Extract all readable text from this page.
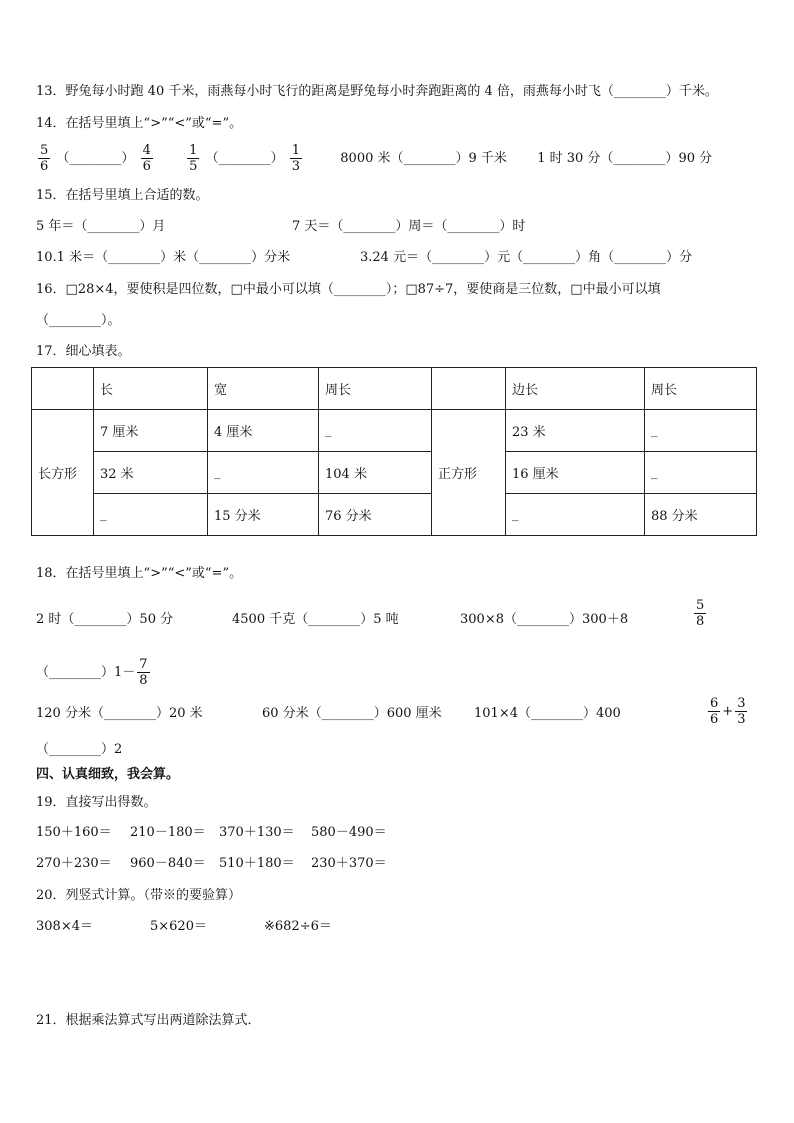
13．野兔每小时跑 40 千米，雨燕每小时飞行的距离是野兔每小时奔跑距离的 4 倍，雨燕每小时飞（________）千米。
14．在括号里填上“>”“<”或“=”。
$\frac{5}{6}$ （________） $\frac{4}{6}$
	$\frac{1}{5}$ （________） $\frac{1}{3}$	8000 米（________）9 千米 1 时 30 分（________）90 分
15．在括号里填上合适的数。
5 年＝（________）月	7 天＝（________）周＝（________）时
10.1 米＝（________）米（________）分米	3.24 元＝（________）元（________）角（________）分
16．□28×4，要使积是四位数，□中最小可以填（________）；□87÷7，要使商是三位数，□中最小可以填
（________）。
17．细心填表。
	长	宽	周长		边长	周长
长方形	7 厘米	4 厘米	_	正方形	23 米	_
	32 米	_	104 米		16 厘米	_
	_	15 分米	76 分米		_	88 分米
18．在括号里填上“>”“<”或“=”。
2 时（________）50 分	4500 千克（________）5 吨	300×8（________）300＋8	$\frac{5}{8}$
（________）1－ $\frac{7}{8}$
120 分米（________）20 米	60 分米（________）600 厘米 101×4（________）400	$\frac{6}{6} + \frac{3}{3}$
（________）2
四、认真细致，我会算。
19．直接写出得数。
150＋160＝ 210－180＝ 370＋130＝ 580－490＝
270＋230＝ 960－840＝ 510＋180＝ 230＋370＝
20．列竖式计算。（带※的要验算）
308×4＝	5×620＝	※682÷6＝
21．根据乘法算式写出两道除法算式．
